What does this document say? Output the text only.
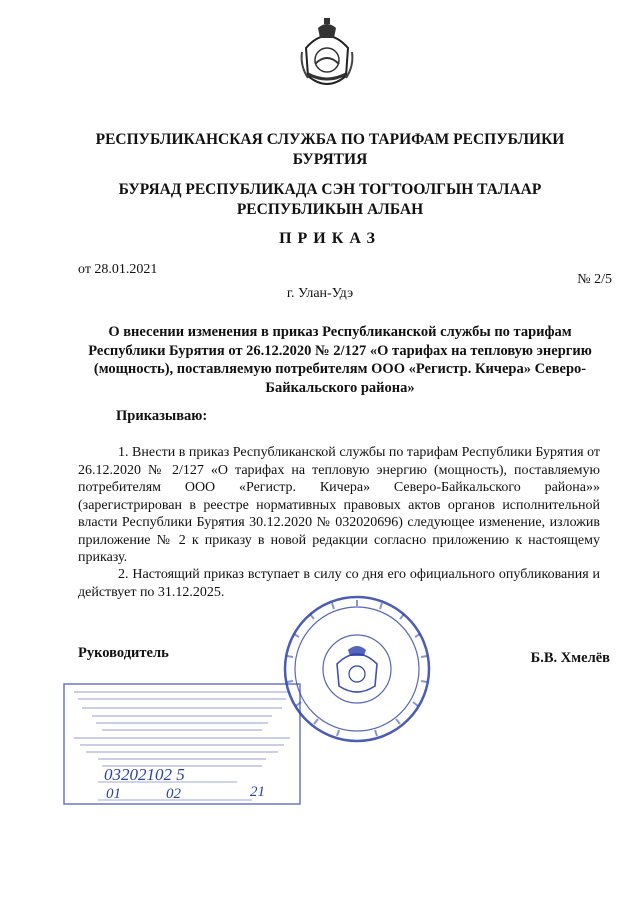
РЕСПУБЛИКАНСКАЯ СЛУЖБА ПО ТАРИФАМ РЕСПУБЛИКИ БУРЯТИЯ
БУРЯАД РЕСПУБЛИКАДА СЭН ТОГТООЛГЫН ТАЛААР РЕСПУБЛИКЫН АЛБАН
ПРИКАЗ
от 28.01.2021
№ 2/5
г. Улан-Удэ
О внесении изменения в приказ Республиканской службы по тарифам Республики Бурятия от 26.12.2020 № 2/127 «О тарифах на тепловую энергию (мощность), поставляемую потребителям ООО «Регистр. Кичера» Северо-Байкальского района»
Приказываю:

1. Внести в приказ Республиканской службы по тарифам Республики Бурятия от 26.12.2020 № 2/127 «О тарифах на тепловую энергию (мощность), поставляемую потребителям ООО «Регистр. Кичера» Северо-Байкальского района»» (зарегистрирован в реестре нормативных правовых актов органов исполнительной власти Республики Бурятия 30.12.2020 № 032020696) следующее изменение, изложив приложение № 2 к приказу в новой редакции согласно приложению к настоящему приказу.

2. Настоящий приказ вступает в силу со дня его официального опубликования и действует по 31.12.2025.

Руководитель	Б.В. Хмелёв
03202102 5
01	02	21
